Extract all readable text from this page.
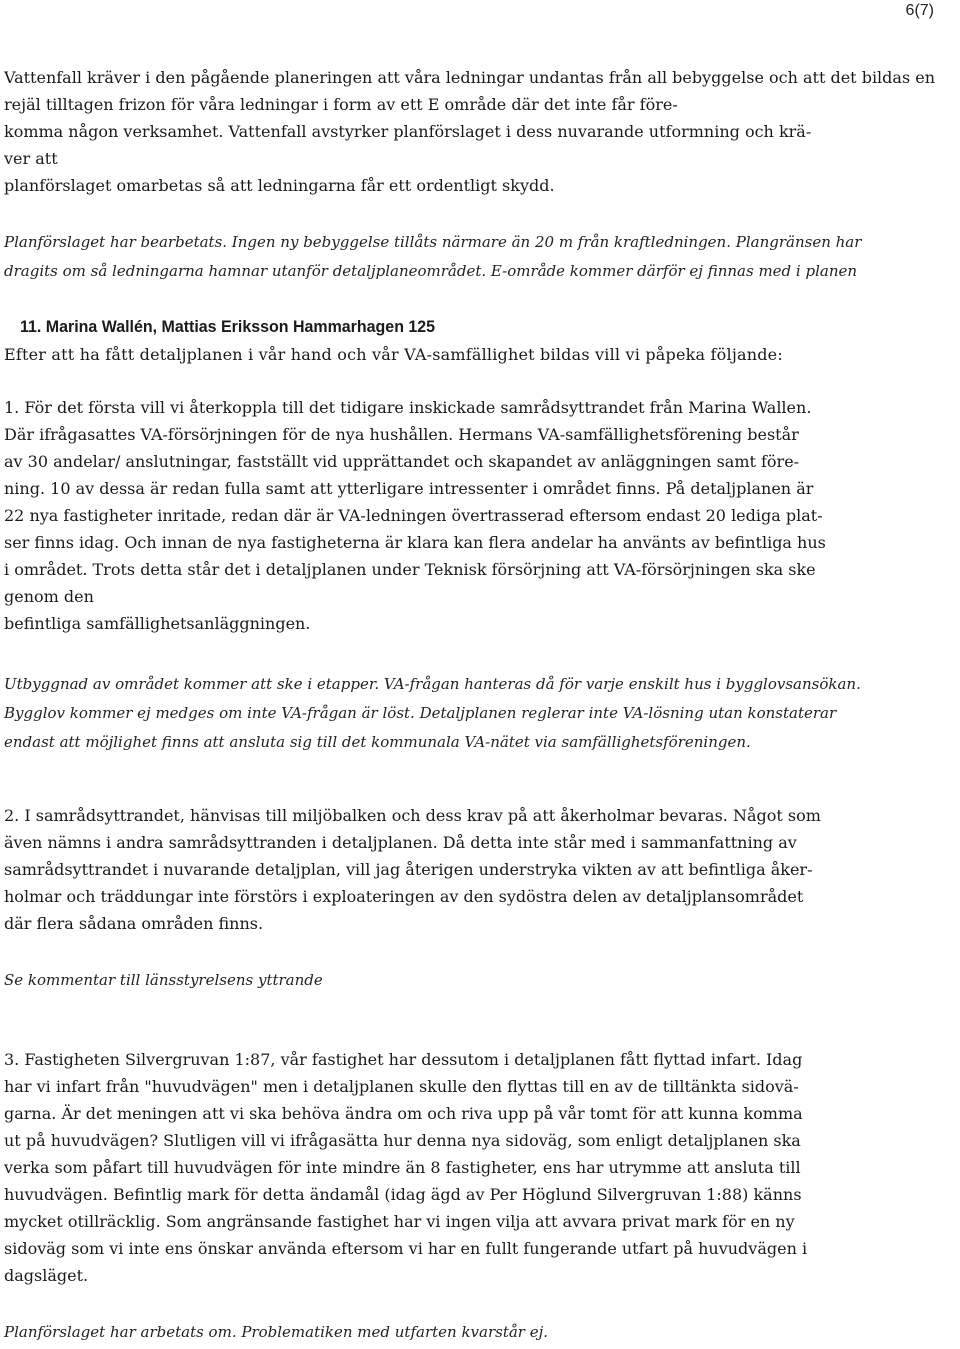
6(7)

Vattenfall kräver i den pågående planeringen att våra ledningar undantas från all bebyggelse och att det bildas en rejäl tilltagen frizon för våra ledningar i form av ett E område där det inte får före-
komma någon verksamhet. Vattenfall avstyrker planförslaget i dess nuvarande utformning och krä-
ver att
planförslaget omarbetas så att ledningarna får ett ordentligt skydd.

Planförslaget har bearbetats. Ingen ny bebyggelse tillåts närmare än 20 m från kraftledningen. Plangränsen har
dragits om så ledningarna hamnar utanför detaljplaneområdet. E-område kommer därför ej finnas med i planen

11. Marina Wallén, Mattias Eriksson Hammarhagen 125

Efter att ha fått detaljplanen i vår hand och vår VA-samfällighet bildas vill vi påpeka följande:

1. För det första vill vi återkoppla till det tidigare inskickade samrådsyttrandet från Marina Wallen.
Där ifrågasattes VA-försörjningen för de nya hushållen. Hermans VA-samfällighetsförening består
av 30 andelar/ anslutningar, fastställt vid upprättandet och skapandet av anläggningen samt före-
ning. 10 av dessa är redan fulla samt att ytterligare intressenter i området finns. På detaljplanen är
22 nya fastigheter inritade, redan där är VA-ledningen övertrasserad eftersom endast 20 lediga plat-
ser finns idag. Och innan de nya fastigheterna är klara kan flera andelar ha använts av befintliga hus
i området. Trots detta står det i detaljplanen under Teknisk försörjning att VA-försörjningen ska ske
genom den
befintliga samfällighetsanläggningen.

Utbyggnad av området kommer att ske i etapper. VA-frågan hanteras då för varje enskilt hus i bygglovsansökan.
Bygglov kommer ej medges om inte VA-frågan är löst. Detaljplanen reglerar inte VA-lösning utan konstaterar
endast att möjlighet finns att ansluta sig till det kommunala VA-nätet via samfällighetsföreningen.

2. I samrådsyttrandet, hänvisas till miljöbalken och dess krav på att åkerholmar bevaras. Något som
även nämns i andra samrådsyttranden i detaljplanen. Då detta inte står med i sammanfattning av
samrådsyttrandet i nuvarande detaljplan, vill jag återigen understryka vikten av att befintliga åker-
holmar och träddungar inte förstörs i exploateringen av den sydöstra delen av detaljplansområdet
där flera sådana områden finns.

Se kommentar till länsstyrelsens yttrande

3. Fastigheten Silvergruvan 1:87, vår fastighet har dessutom i detaljplanen fått flyttad infart. Idag
har vi infart från "huvudvägen" men i detaljplanen skulle den flyttas till en av de tilltänkta sidovä-
garna. Är det meningen att vi ska behöva ändra om och riva upp på vår tomt för att kunna komma
ut på huvudvägen? Slutligen vill vi ifrågasätta hur denna nya sidoväg, som enligt detaljplanen ska
verka som påfart till huvudvägen för inte mindre än 8 fastigheter, ens har utrymme att ansluta till
huvudvägen. Befintlig mark för detta ändamål (idag ägd av Per Höglund Silvergruvan 1:88) känns
mycket otillräcklig. Som angränsande fastighet har vi ingen vilja att avvara privat mark för en ny
sidoväg som vi inte ens önskar använda eftersom vi har en fullt fungerande utfart på huvudvägen i
dagsläget.

Planförslaget har arbetats om. Problematiken med utfarten kvarstår ej.
